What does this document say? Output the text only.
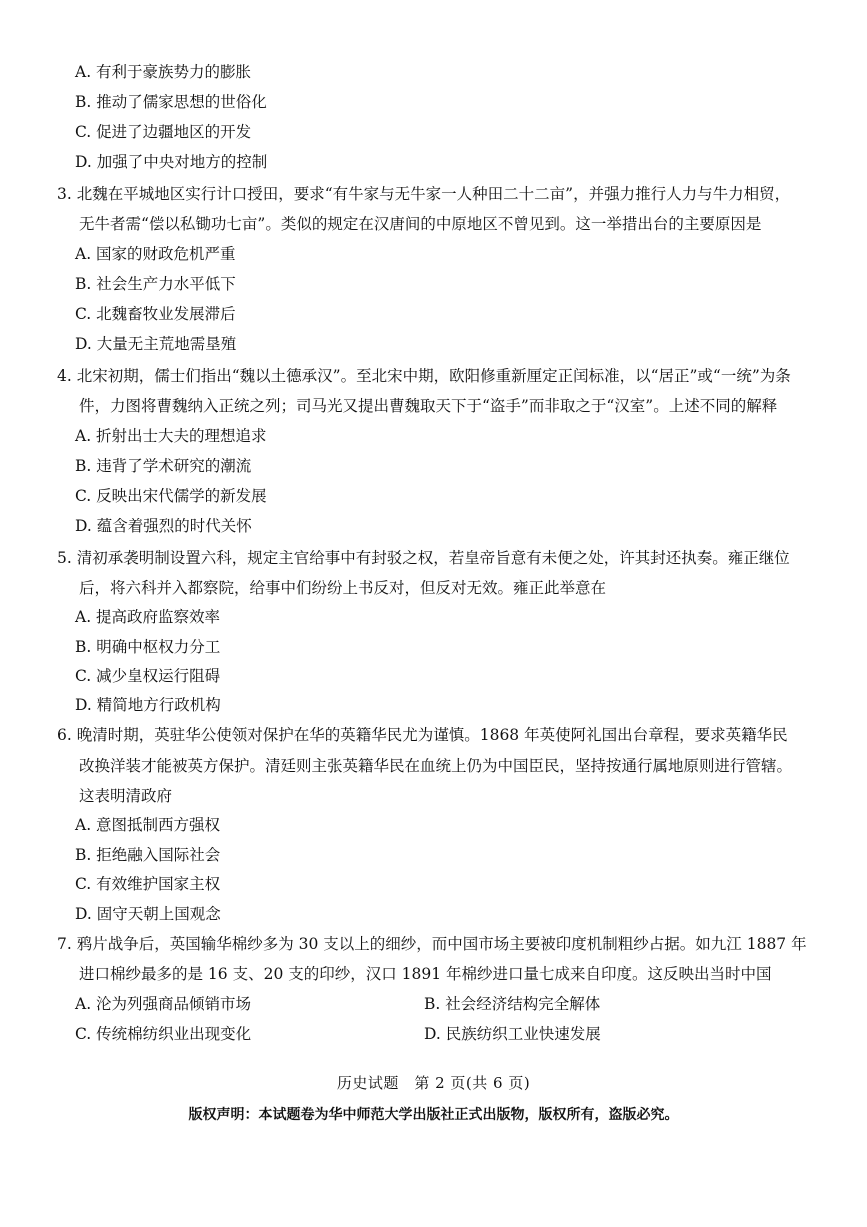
A. 有利于豪族势力的膨胀
B. 推动了儒家思想的世俗化
C. 促进了边疆地区的开发
D. 加强了中央对地方的控制
3. 北魏在平城地区实行计口授田，要求“有牛家与无牛家一人种田二十二亩”，并强力推行人力与牛力相贸，
无牛者需“偿以私锄功七亩”。类似的规定在汉唐间的中原地区不曾见到。这一举措出台的主要原因是
A. 国家的财政危机严重
B. 社会生产力水平低下
C. 北魏畜牧业发展滞后
D. 大量无主荒地需垦殖
4. 北宋初期，儒士们指出“魏以土德承汉”。至北宋中期，欧阳修重新厘定正闰标准，以“居正”或“一统”为条
件，力图将曹魏纳入正统之列；司马光又提出曹魏取天下于“盗手”而非取之于“汉室”。上述不同的解释
A. 折射出士大夫的理想追求
B. 违背了学术研究的潮流
C. 反映出宋代儒学的新发展
D. 蕴含着强烈的时代关怀
5. 清初承袭明制设置六科，规定主官给事中有封驳之权，若皇帝旨意有未便之处，许其封还执奏。雍正继位
后，将六科并入都察院，给事中们纷纷上书反对，但反对无效。雍正此举意在
A. 提高政府监察效率
B. 明确中枢权力分工
C. 减少皇权运行阻碍
D. 精简地方行政机构
6. 晚清时期，英驻华公使领对保护在华的英籍华民尤为谨慎。1868 年英使阿礼国出台章程，要求英籍华民
改换洋装才能被英方保护。清廷则主张英籍华民在血统上仍为中国臣民，坚持按通行属地原则进行管辖。
这表明清政府
A. 意图抵制西方强权
B. 拒绝融入国际社会
C. 有效维护国家主权
D. 固守天朝上国观念
7. 鸦片战争后，英国输华棉纱多为 30 支以上的细纱，而中国市场主要被印度机制粗纱占据。如九江 1887 年
进口棉纱最多的是 16 支、20 支的印纱，汉口 1891 年棉纱进口量七成来自印度。这反映出当时中国
A. 沦为列强商品倾销市场	B. 社会经济结构完全解体
C. 传统棉纺织业出现变化	D. 民族纺织工业快速发展
历史试题　第 2 页(共 6 页)
版权声明：本试题卷为华中师范大学出版社正式出版物，版权所有，盗版必究。
